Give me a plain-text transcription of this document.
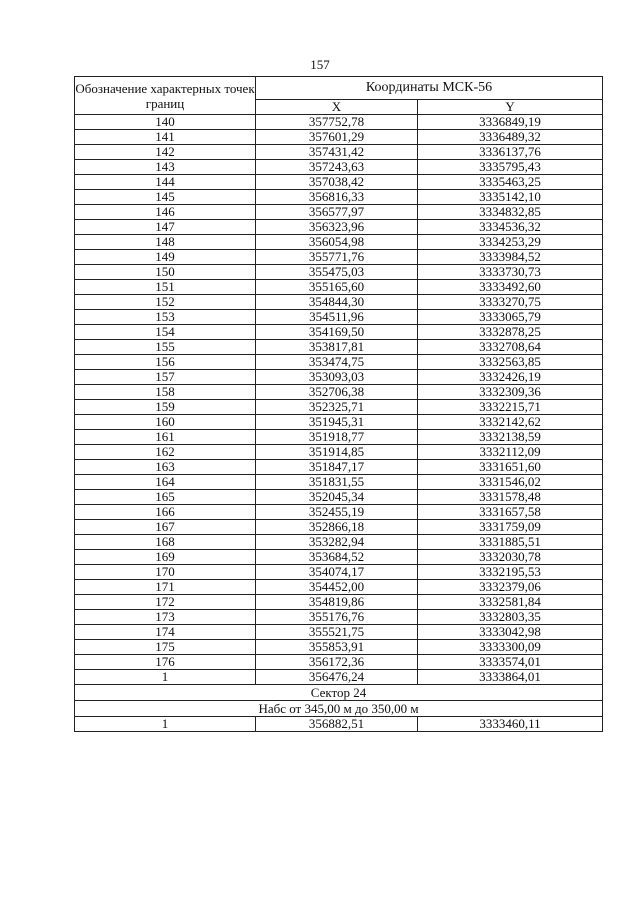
157
Обозначение характерных точек границ	Координаты МСК-56	
	X	Y
140	357752,78	3336849,19
141	357601,29	3336489,32
142	357431,42	3336137,76
143	357243,63	3335795,43
144	357038,42	3335463,25
145	356816,33	3335142,10
146	356577,97	3334832,85
147	356323,96	3334536,32
148	356054,98	3334253,29
149	355771,76	3333984,52
150	355475,03	3333730,73
151	355165,60	3333492,60
152	354844,30	3333270,75
153	354511,96	3333065,79
154	354169,50	3332878,25
155	353817,81	3332708,64
156	353474,75	3332563,85
157	353093,03	3332426,19
158	352706,38	3332309,36
159	352325,71	3332215,71
160	351945,31	3332142,62
161	351918,77	3332138,59
162	351914,85	3332112,09
163	351847,17	3331651,60
164	351831,55	3331546,02
165	352045,34	3331578,48
166	352455,19	3331657,58
167	352866,18	3331759,09
168	353282,94	3331885,51
169	353684,52	3332030,78
170	354074,17	3332195,53
171	354452,00	3332379,06
172	354819,86	3332581,84
173	355176,76	3332803,35
174	355521,75	3333042,98
175	355853,91	3333300,09
176	356172,36	3333574,01
1	356476,24	3333864,01
Сектор 24		
Набс от 345,00 м до 350,00 м		
1	356882,51	3333460,11
